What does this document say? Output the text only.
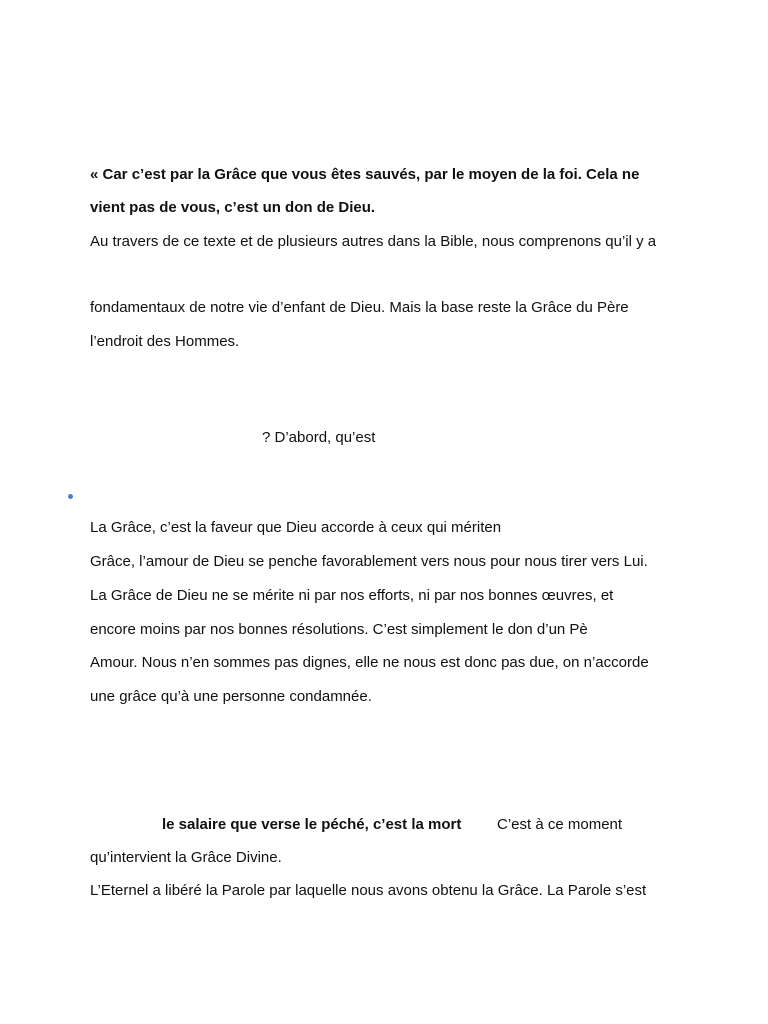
« Car c’est par la Grâce que vous êtes sauvés, par le moyen de la foi. Cela ne
vient pas de vous, c’est un don de Dieu.
Au travers de ce texte et de plusieurs autres dans la Bible, nous comprenons qu’il y a
fondamentaux de notre vie d’enfant de Dieu. Mais la base reste la Grâce du Père
l’endroit des Hommes.
? D’abord, qu’est
La Grâce, c’est la faveur que Dieu accorde à ceux qui mériten
Grâce, l’amour de Dieu se penche favorablement vers nous pour nous tirer vers Lui.
La Grâce de Dieu ne se mérite ni par nos efforts, ni par nos bonnes œuvres, et
encore moins par nos bonnes résolutions. C’est simplement le don d’un Pè
Amour. Nous n’en sommes pas dignes, elle ne nous est donc pas due, on n’accorde
une grâce qu’à une personne condamnée.
le salaire que verse le péché, c’est la mort C’est à ce moment
qu’intervient la Grâce Divine.
L’Eternel a libéré la Parole par laquelle nous avons obtenu la Grâce. La Parole s’est
